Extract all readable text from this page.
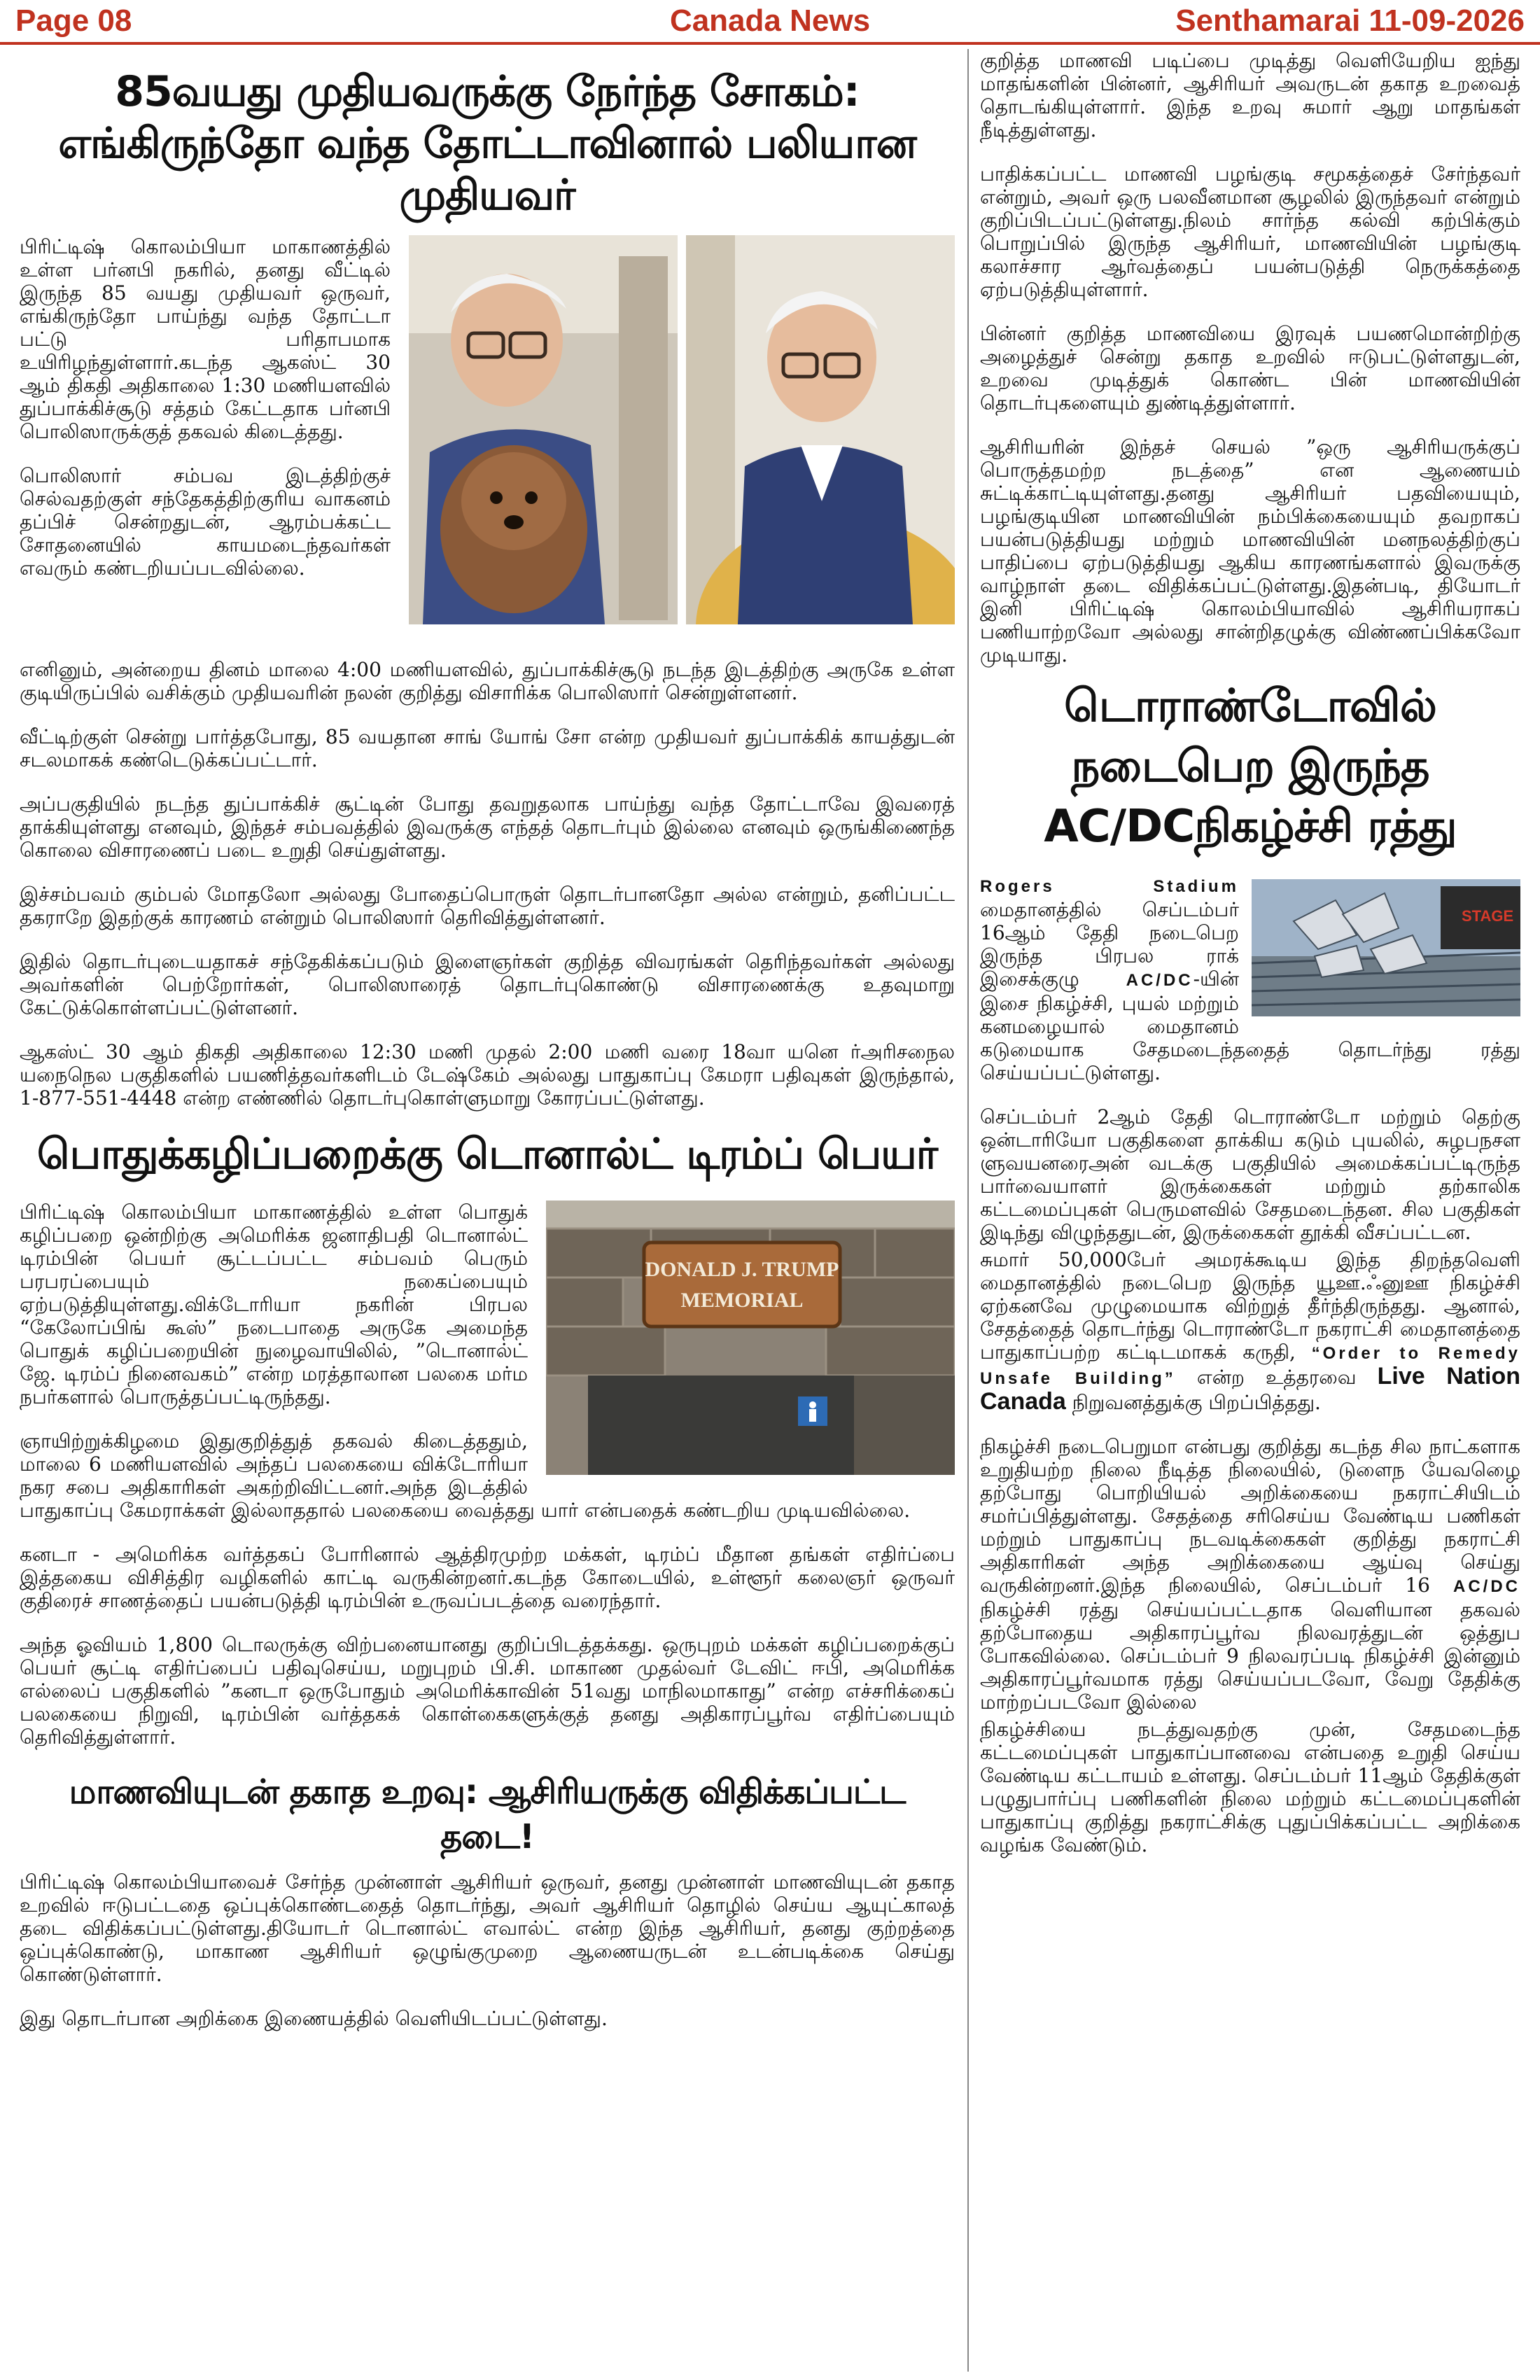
Page 08	Canada News	Senthamarai 11-09-2026
85வயது முதியவருக்கு நேர்ந்த சோகம்: எங்கிருந்தோ வந்த தோட்டாவினால் பலியான முதியவர்

பிரிட்டிஷ் கொலம்பியா மாகாணத்தில் உள்ள பர்னபி நகரில், தனது வீட்டில் இருந்த 85 வயது முதியவர் ஒருவர், எங்கிருந்தோ பாய்ந்து வந்த தோட்டா பட்டு பரிதாபமாக உயிரிழந்துள்ளார்.கடந்த ஆகஸ்ட் 30 ஆம் திகதி அதிகாலை 1:30 மணியளவில் துப்பாக்கிச்சூடு சத்தம் கேட்டதாக பர்னபி பொலிஸாருக்குத் தகவல் கிடைத்தது.

பொலிஸார் சம்பவ இடத்திற்குச் செல்வதற்குள் சந்தேகத்திற்குரிய வாகனம் தப்பிச் சென்றதுடன், ஆரம்பக்கட்ட சோதனையில் காயமடைந்தவர்கள் எவரும் கண்டறியப்படவில்லை.

எனினும், அன்றைய தினம் மாலை 4:00 மணியளவில், துப்பாக்கிச்சூடு நடந்த இடத்திற்கு அருகே உள்ள குடியிருப்பில் வசிக்கும் முதியவரின் நலன் குறித்து விசாரிக்க பொலிஸார் சென்றுள்ளனர்.

வீட்டிற்குள் சென்று பார்த்தபோது, 85 வயதான சாங் யோங் சோ என்ற முதியவர் துப்பாக்கிக் காயத்துடன் சடலமாகக் கண்டெடுக்கப்பட்டார்.

அப்பகுதியில் நடந்த துப்பாக்கிச் சூட்டின் போது தவறுதலாக பாய்ந்து வந்த தோட்டாவே இவரைத் தாக்கியுள்ளது எனவும், இந்தச் சம்பவத்தில் இவருக்கு எந்தத் தொடர்பும் இல்லை எனவும் ஒருங்கிணைந்த கொலை விசாரணைப் படை உறுதி செய்துள்ளது.

இச்சம்பவம் கும்பல் மோதலோ அல்லது போதைப்பொருள் தொடர்பானதோ அல்ல என்றும், தனிப்பட்ட தகராறே இதற்குக் காரணம் என்றும் பொலிஸார் தெரிவித்துள்ளனர்.

இதில் தொடர்புடையதாகச் சந்தேகிக்கப்படும் இளைஞர்கள் குறித்த விவரங்கள் தெரிந்தவர்கள் அல்லது அவர்களின் பெற்றோர்கள், பொலிஸாரைத் தொடர்புகொண்டு விசாரணைக்கு உதவுமாறு கேட்டுக்கொள்ளப்பட்டுள்ளனர்.

ஆகஸ்ட் 30 ஆம் திகதி அதிகாலை 12:30 மணி முதல் 2:00 மணி வரை 18வா யனெ ர்அரிசநைல யநைநெல பகுதிகளில் பயணித்தவர்களிடம் டேஷ்கேம் அல்லது பாதுகாப்பு கேமரா பதிவுகள் இருந்தால், 1-877-551-4448 என்ற எண்ணில் தொடர்புகொள்ளுமாறு கோரப்பட்டுள்ளது.

பொதுக்கழிப்பறைக்கு டொனால்ட் டிரம்ப் பெயர்
DONALD J. TRUMP
MEMORIAL

பிரிட்டிஷ் கொலம்பியா மாகாணத்தில் உள்ள பொதுக் கழிப்பறை ஒன்றிற்கு அமெரிக்க ஜனாதிபதி டொனால்ட் டிரம்பின் பெயர் சூட்டப்பட்ட சம்பவம் பெரும் பரபரப்பையும் நகைப்பையும் ஏற்படுத்தியுள்ளது.விக்டோரியா நகரின் பிரபல “கேலோப்பிங் கூஸ்” நடைபாதை அருகே அமைந்த பொதுக் கழிப்பறையின் நுழைவாயிலில், ”டொனால்ட் ஜே. டிரம்ப் நினைவகம்” என்ற மரத்தாலான பலகை மர்ம நபர்களால் பொருத்தப்பட்டிருந்தது.

ஞாயிற்றுக்கிழமை இதுகுறித்துத் தகவல் கிடைத்ததும், மாலை 6 மணியளவில் அந்தப் பலகையை விக்டோரியா நகர சபை அதிகாரிகள் அகற்றிவிட்டனர்.அந்த இடத்தில் பாதுகாப்பு கேமராக்கள் இல்லாததால் பலகையை வைத்தது யார் என்பதைக் கண்டறிய முடியவில்லை.

கனடா - அமெரிக்க வர்த்தகப் போரினால் ஆத்திரமுற்ற மக்கள், டிரம்ப் மீதான தங்கள் எதிர்ப்பை இத்தகைய விசித்திர வழிகளில் காட்டி வருகின்றனர்.கடந்த கோடையில், உள்ளூர் கலைஞர் ஒருவர் குதிரைச் சாணத்தைப் பயன்படுத்தி டிரம்பின் உருவப்படத்தை வரைந்தார்.

அந்த ஓவியம் 1,800 டொலருக்கு விற்பனையானது குறிப்பிடத்தக்கது. ஒருபுறம் மக்கள் கழிப்பறைக்குப் பெயர் சூட்டி எதிர்ப்பைப் பதிவுசெய்ய, மறுபுறம் பி.சி. மாகாண முதல்வர் டேவிட் ஈபி, அமெரிக்க எல்லைப் பகுதிகளில் ”கனடா ஒருபோதும் அமெரிக்காவின் 51வது மாநிலமாகாது” என்ற எச்சரிக்கைப் பலகையை நிறுவி, டிரம்பின் வர்த்தகக் கொள்கைகளுக்குத் தனது அதிகாரப்பூர்வ எதிர்ப்பையும் தெரிவித்துள்ளார்.

மாணவியுடன் தகாத உறவு: ஆசிரியருக்கு விதிக்கப்பட்ட தடை!

பிரிட்டிஷ் கொலம்பியாவைச் சேர்ந்த முன்னாள் ஆசிரியர் ஒருவர், தனது முன்னாள் மாணவியுடன் தகாத உறவில் ஈடுபட்டதை ஒப்புக்கொண்டதைத் தொடர்ந்து, அவர் ஆசிரியர் தொழில் செய்ய ஆயுட்காலத் தடை விதிக்கப்பட்டுள்ளது.தியோடர் டொனால்ட் எவால்ட் என்ற இந்த ஆசிரியர், தனது குற்றத்தை ஒப்புக்கொண்டு, மாகாண ஆசிரியர் ஒழுங்குமுறை ஆணையருடன் உடன்படிக்கை செய்து கொண்டுள்ளார்.

இது தொடர்பான அறிக்கை இணையத்தில் வெளியிடப்பட்டுள்ளது.

குறித்த மாணவி படிப்பை முடித்து வெளியேறிய ஐந்து மாதங்களின் பின்னர், ஆசிரியர் அவருடன் தகாத உறவைத் தொடங்கியுள்ளார். இந்த உறவு சுமார் ஆறு மாதங்கள் நீடித்துள்ளது.

பாதிக்கப்பட்ட மாணவி பழங்குடி சமூகத்தைச் சேர்ந்தவர் என்றும், அவர் ஒரு பலவீனமான சூழலில் இருந்தவர் என்றும் குறிப்பிடப்பட்டுள்ளது.நிலம் சார்ந்த கல்வி கற்பிக்கும் பொறுப்பில் இருந்த ஆசிரியர், மாணவியின் பழங்குடி கலாச்சார ஆர்வத்தைப் பயன்படுத்தி நெருக்கத்தை ஏற்படுத்தியுள்ளார்.

பின்னர் குறித்த மாணவியை இரவுக் பயணமொன்றிற்கு அழைத்துச் சென்று தகாத உறவில் ஈடுபட்டுள்ளதுடன், உறவை முடித்துக் கொண்ட பின் மாணவியின் தொடர்புகளையும் துண்டித்துள்ளார்.

ஆசிரியரின் இந்தச் செயல் ”ஒரு ஆசிரியருக்குப் பொருத்தமற்ற நடத்தை” என ஆணையம் சுட்டிக்காட்டியுள்ளது.தனது ஆசிரியர் பதவியையும், பழங்குடியின மாணவியின் நம்பிக்கையையும் தவறாகப் பயன்படுத்தியது மற்றும் மாணவியின் மனநலத்திற்குப் பாதிப்பை ஏற்படுத்தியது ஆகிய காரணங்களால் இவருக்கு வாழ்நாள் தடை விதிக்கப்பட்டுள்ளது.இதன்படி, தியோடர் இனி பிரிட்டிஷ் கொலம்பியாவில் ஆசிரியராகப் பணியாற்றவோ அல்லது சான்றிதழுக்கு விண்ணப்பிக்கவோ முடியாது.

டொராண்டோவில் நடைபெற இருந்த AC/DCநிகழ்ச்சி ரத்து
STAGE

Rogers Stadium மைதானத்தில் செப்டம்பர் 16ஆம் தேதி நடைபெற இருந்த பிரபல ராக் இசைக்குழு	AC/DC-யின் இசை நிகழ்ச்சி, புயல் மற்றும் கனமழையால் மைதானம் கடுமையாக சேதமடைந்ததைத் தொடர்ந்து ரத்து செய்யப்பட்டுள்ளது.

செப்டம்பர் 2ஆம் தேதி டொராண்டோ மற்றும் தெற்கு ஒன்டாரியோ பகுதிகளை தாக்கிய கடும் புயலில், சுழபநசள ளுவயனரைஅன் வடக்கு பகுதியில் அமைக்கப்பட்டிருந்த பார்வையாளர் இருக்கைகள் மற்றும் தற்காலிக கட்டமைப்புகள் பெருமளவில் சேதமடைந்தன. சில பகுதிகள் இடிந்து விழுந்ததுடன், இருக்கைகள் தூக்கி வீசப்பட்டன.

சுமார் 50,000பேர் அமரக்கூடிய இந்த திறந்தவெளி மைதானத்தில் நடைபெற இருந்த யூஊ.ஃனுஊ நிகழ்ச்சி ஏற்கனவே முழுமையாக விற்றுத் தீர்ந்திருந்தது. ஆனால், சேதத்தைத் தொடர்ந்து டொராண்டோ நகராட்சி மைதானத்தை பாதுகாப்பற்ற கட்டிடமாகக் கருதி, “Order to Remedy Unsafe Building” என்ற உத்தரவை Live Nation Canada நிறுவனத்துக்கு பிறப்பித்தது.

நிகழ்ச்சி நடைபெறுமா என்பது குறித்து கடந்த சில நாட்களாக உறுதியற்ற நிலை நீடித்த நிலையில், டுளைந யேவழைெ தற்போது பொறியியல் அறிக்கையை நகராட்சியிடம் சமர்ப்பித்துள்ளது. சேதத்தை சரிசெய்ய வேண்டிய பணிகள் மற்றும் பாதுகாப்பு நடவடிக்கைகள் குறித்து நகராட்சி அதிகாரிகள் அந்த அறிக்கையை ஆய்வு செய்து வருகின்றனர்.இந்த நிலையில், செப்டம்பர் 16 AC/DC நிகழ்ச்சி ரத்து செய்யப்பட்டதாக வெளியான தகவல் தற்போதைய அதிகாரப்பூர்வ நிலவரத்துடன் ஒத்துப போகவில்லை. செப்டம்பர் 9 நிலவரப்படி நிகழ்ச்சி இன்னும் அதிகாரப்பூர்வமாக ரத்து செய்யப்படவோ, வேறு தேதிக்கு மாற்றப்படவோ இல்லை

நிகழ்ச்சியை நடத்துவதற்கு முன், சேதமடைந்த கட்டமைப்புகள் பாதுகாப்பானவை என்பதை உறுதி செய்ய வேண்டிய கட்டாயம் உள்ளது. செப்டம்பர் 11ஆம் தேதிக்குள் பழுதுபார்ப்பு பணிகளின் நிலை மற்றும் கட்டமைப்புகளின் பாதுகாப்பு குறித்து நகராட்சிக்கு புதுப்பிக்கப்பட்ட அறிக்கை வழங்க வேண்டும்.
